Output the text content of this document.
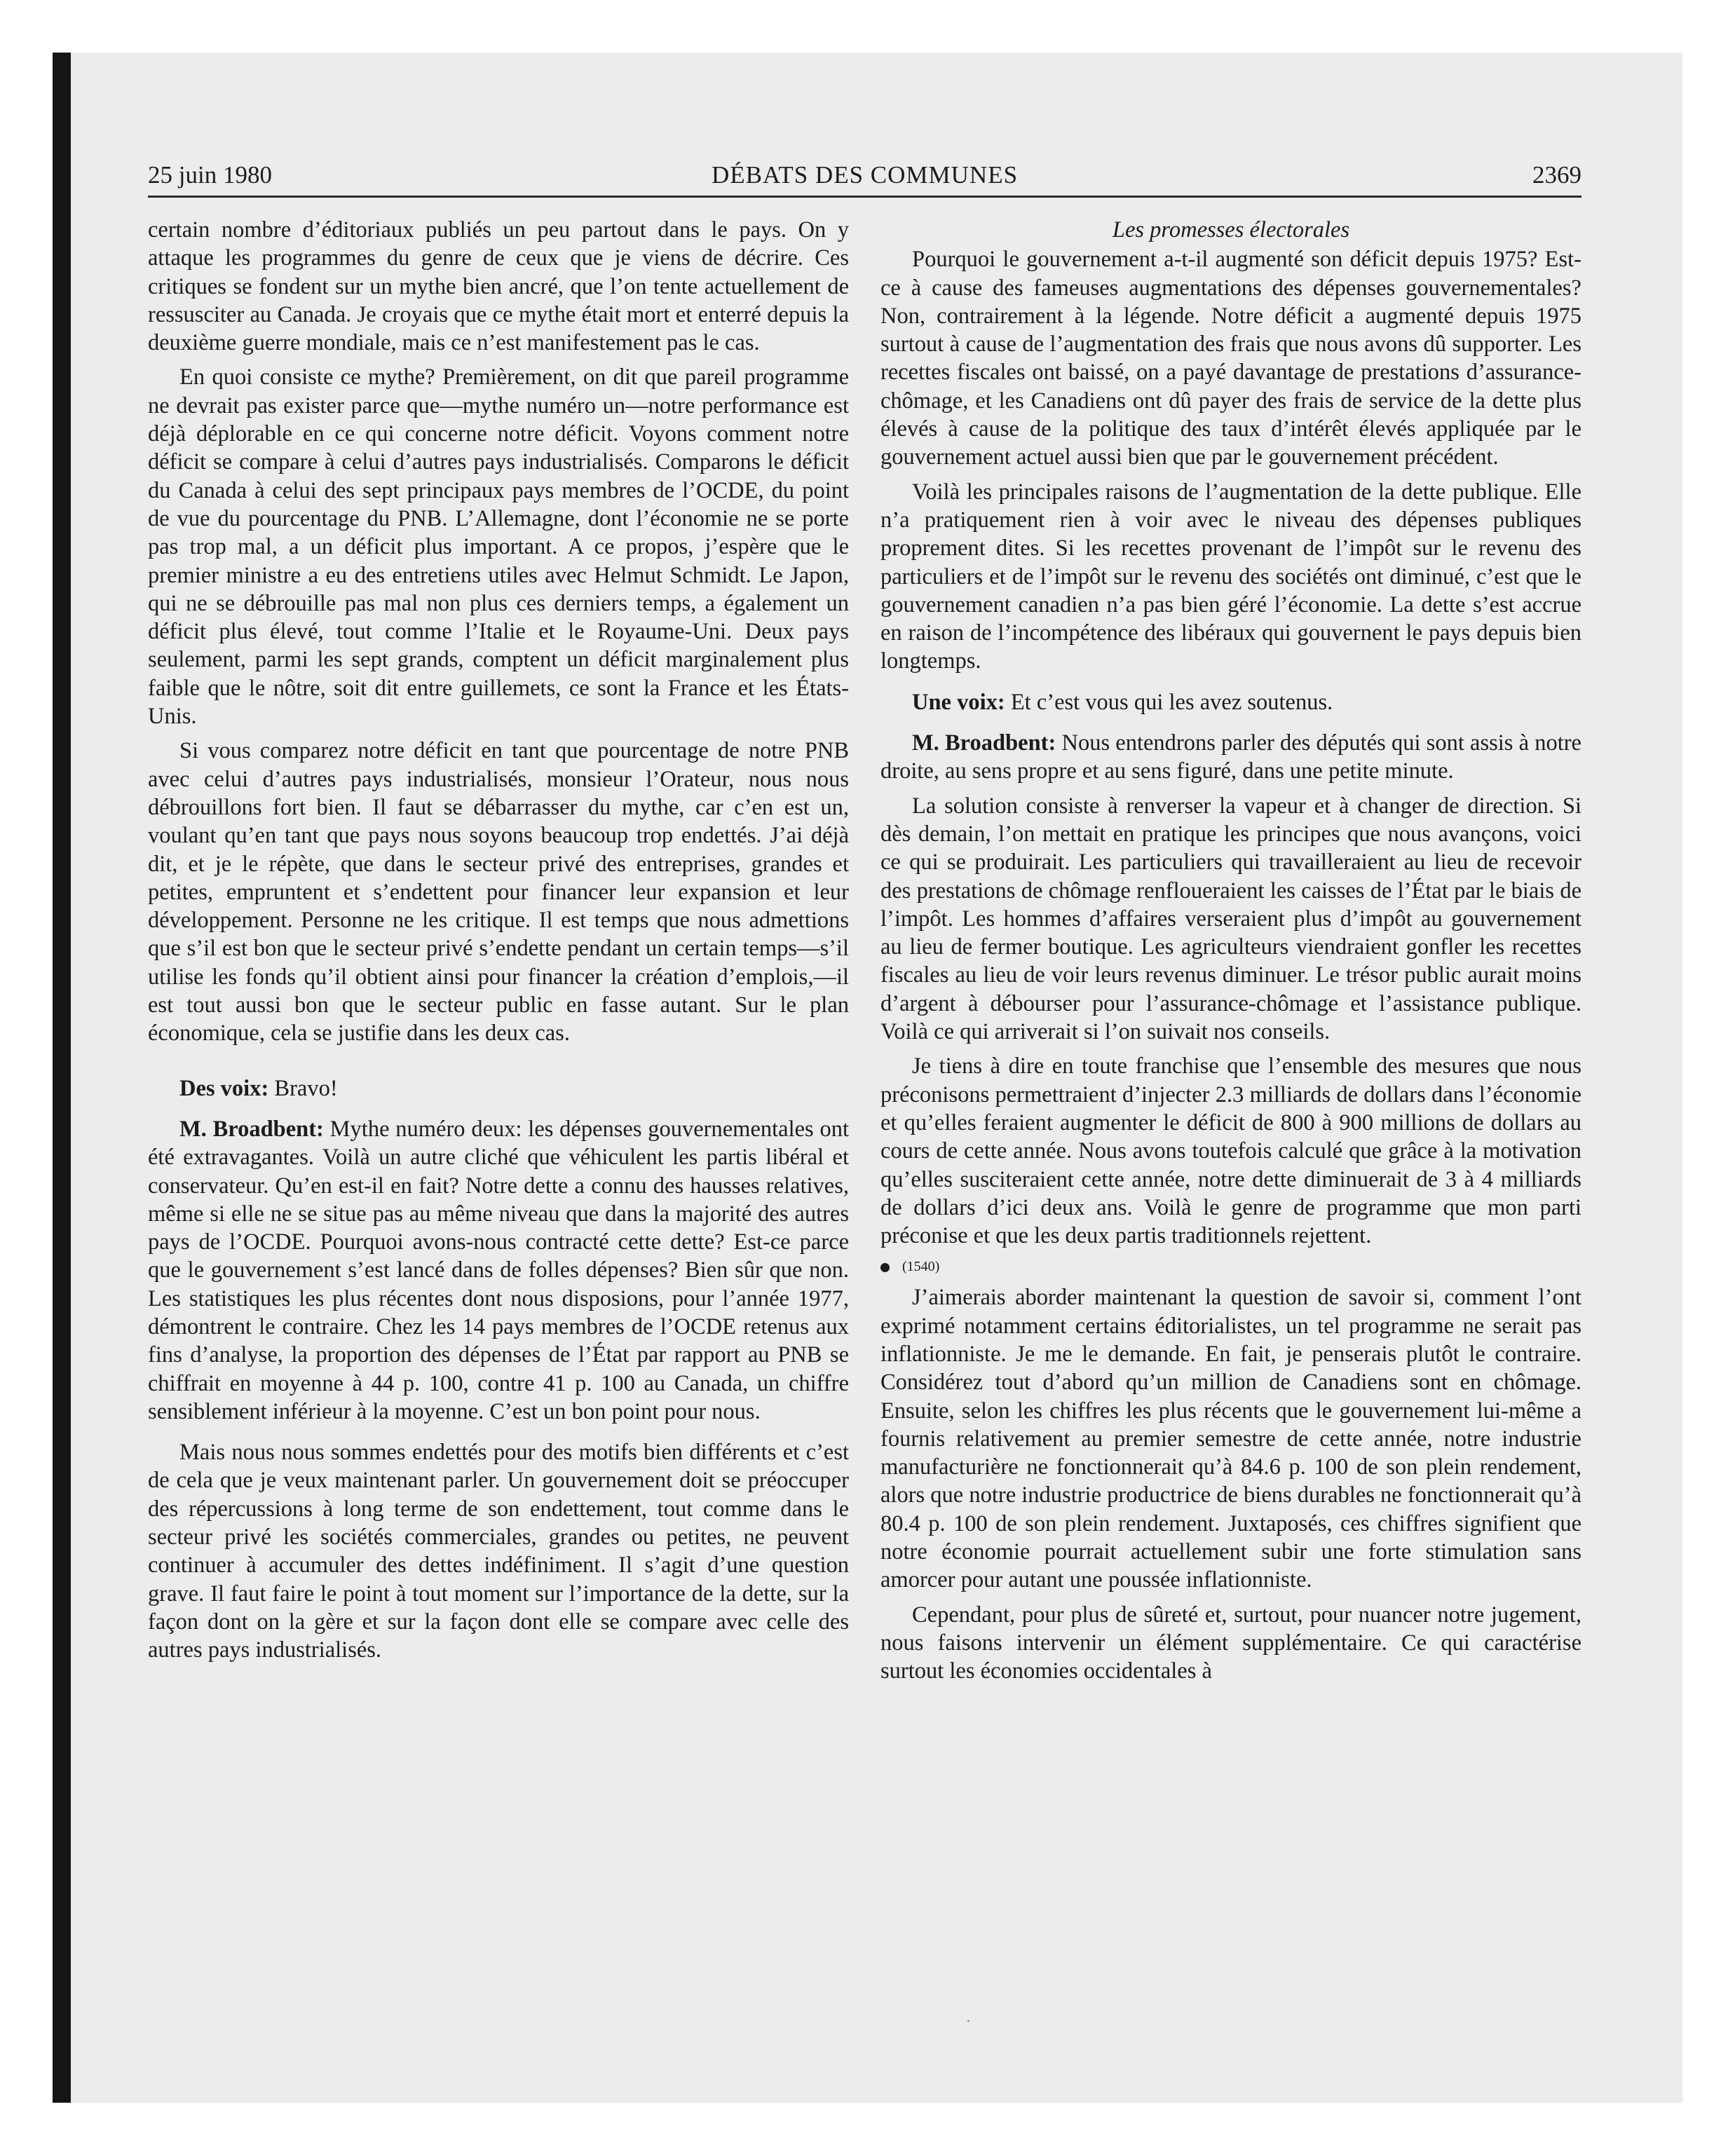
25 juin 1980	DÉBATS DES COMMUNES	2369

certain nombre d’éditoriaux publiés un peu partout dans le pays. On y attaque les programmes du genre de ceux que je viens de décrire. Ces critiques se fondent sur un mythe bien ancré, que l’on tente actuellement de ressusciter au Canada. Je croyais que ce mythe était mort et enterré depuis la deuxième guerre mondiale, mais ce n’est manifestement pas le cas.

En quoi consiste ce mythe? Premièrement, on dit que pareil programme ne devrait pas exister parce que—mythe numéro un—notre performance est déjà déplorable en ce qui concerne notre déficit. Voyons comment notre déficit se compare à celui d’autres pays industrialisés. Comparons le déficit du Canada à celui des sept principaux pays membres de l’OCDE, du point de vue du pourcentage du PNB. L’Allemagne, dont l’économie ne se porte pas trop mal, a un déficit plus important. A ce propos, j’espère que le premier ministre a eu des entretiens utiles avec Helmut Schmidt. Le Japon, qui ne se débrouille pas mal non plus ces derniers temps, a également un déficit plus élevé, tout comme l’Italie et le Royaume-Uni. Deux pays seulement, parmi les sept grands, comptent un déficit marginalement plus faible que le nôtre, soit dit entre guillemets, ce sont la France et les États-Unis.

Si vous comparez notre déficit en tant que pourcentage de notre PNB avec celui d’autres pays industrialisés, monsieur l’Orateur, nous nous débrouillons fort bien. Il faut se débarrasser du mythe, car c’en est un, voulant qu’en tant que pays nous soyons beaucoup trop endettés. J’ai déjà dit, et je le répète, que dans le secteur privé des entreprises, grandes et petites, empruntent et s’endettent pour financer leur expansion et leur développement. Personne ne les critique. Il est temps que nous admettions que s’il est bon que le secteur privé s’endette pendant un certain temps—s’il utilise les fonds qu’il obtient ainsi pour financer la création d’emplois,—il est tout aussi bon que le secteur public en fasse autant. Sur le plan économique, cela se justifie dans les deux cas.

Des voix: Bravo!

M. Broadbent: Mythe numéro deux: les dépenses gouvernementales ont été extravagantes. Voilà un autre cliché que véhiculent les partis libéral et conservateur. Qu’en est-il en fait? Notre dette a connu des hausses relatives, même si elle ne se situe pas au même niveau que dans la majorité des autres pays de l’OCDE. Pourquoi avons-nous contracté cette dette? Est-ce parce que le gouvernement s’est lancé dans de folles dépenses? Bien sûr que non. Les statistiques les plus récentes dont nous disposions, pour l’année 1977, démontrent le contraire. Chez les 14 pays membres de l’OCDE retenus aux fins d’analyse, la proportion des dépenses de l’État par rapport au PNB se chiffrait en moyenne à 44 p. 100, contre 41 p. 100 au Canada, un chiffre sensiblement inférieur à la moyenne. C’est un bon point pour nous.

Mais nous nous sommes endettés pour des motifs bien différents et c’est de cela que je veux maintenant parler. Un gouvernement doit se préoccuper des répercussions à long terme de son endettement, tout comme dans le secteur privé les sociétés commerciales, grandes ou petites, ne peuvent continuer à accumuler des dettes indéfiniment. Il s’agit d’une question grave. Il faut faire le point à tout moment sur l’importance de la dette, sur la façon dont on la gère et sur la façon dont elle se compare avec celle des autres pays industrialisés.

Les promesses électorales

Pourquoi le gouvernement a-t-il augmenté son déficit depuis 1975? Est-ce à cause des fameuses augmentations des dépenses gouvernementales? Non, contrairement à la légende. Notre déficit a augmenté depuis 1975 surtout à cause de l’augmentation des frais que nous avons dû supporter. Les recettes fiscales ont baissé, on a payé davantage de prestations d’assurance-chômage, et les Canadiens ont dû payer des frais de service de la dette plus élevés à cause de la politique des taux d’intérêt élevés appliquée par le gouvernement actuel aussi bien que par le gouvernement précédent.

Voilà les principales raisons de l’augmentation de la dette publique. Elle n’a pratiquement rien à voir avec le niveau des dépenses publiques proprement dites. Si les recettes provenant de l’impôt sur le revenu des particuliers et de l’impôt sur le revenu des sociétés ont diminué, c’est que le gouvernement canadien n’a pas bien géré l’économie. La dette s’est accrue en raison de l’incompétence des libéraux qui gouvernent le pays depuis bien longtemps.

Une voix: Et c’est vous qui les avez soutenus.

M. Broadbent: Nous entendrons parler des députés qui sont assis à notre droite, au sens propre et au sens figuré, dans une petite minute.

La solution consiste à renverser la vapeur et à changer de direction. Si dès demain, l’on mettait en pratique les principes que nous avançons, voici ce qui se produirait. Les particuliers qui travailleraient au lieu de recevoir des prestations de chômage renfloueraient les caisses de l’État par le biais de l’impôt. Les hommes d’affaires verseraient plus d’impôt au gouvernement au lieu de fermer boutique. Les agriculteurs viendraient gonfler les recettes fiscales au lieu de voir leurs revenus diminuer. Le trésor public aurait moins d’argent à débourser pour l’assurance-chômage et l’assistance publique. Voilà ce qui arriverait si l’on suivait nos conseils.

Je tiens à dire en toute franchise que l’ensemble des mesures que nous préconisons permettraient d’injecter 2.3 milliards de dollars dans l’économie et qu’elles feraient augmenter le déficit de 800 à 900 millions de dollars au cours de cette année. Nous avons toutefois calculé que grâce à la motivation qu’elles susciteraient cette année, notre dette diminuerait de 3 à 4 milliards de dollars d’ici deux ans. Voilà le genre de programme que mon parti préconise et que les deux partis traditionnels rejettent.

(1540)

J’aimerais aborder maintenant la question de savoir si, comment l’ont exprimé notamment certains éditorialistes, un tel programme ne serait pas inflationniste. Je me le demande. En fait, je penserais plutôt le contraire. Considérez tout d’abord qu’un million de Canadiens sont en chômage. Ensuite, selon les chiffres les plus récents que le gouvernement lui-même a fournis relativement au premier semestre de cette année, notre industrie manufacturière ne fonctionnerait qu’à 84.6 p. 100 de son plein rendement, alors que notre industrie productrice de biens durables ne fonctionnerait qu’à 80.4 p. 100 de son plein rendement. Juxtaposés, ces chiffres signifient que notre économie pourrait actuellement subir une forte stimulation sans amorcer pour autant une poussée inflationniste.

Cependant, pour plus de sûreté et, surtout, pour nuancer notre jugement, nous faisons intervenir un élément supplémentaire. Ce qui caractérise surtout les économies occidentales à
